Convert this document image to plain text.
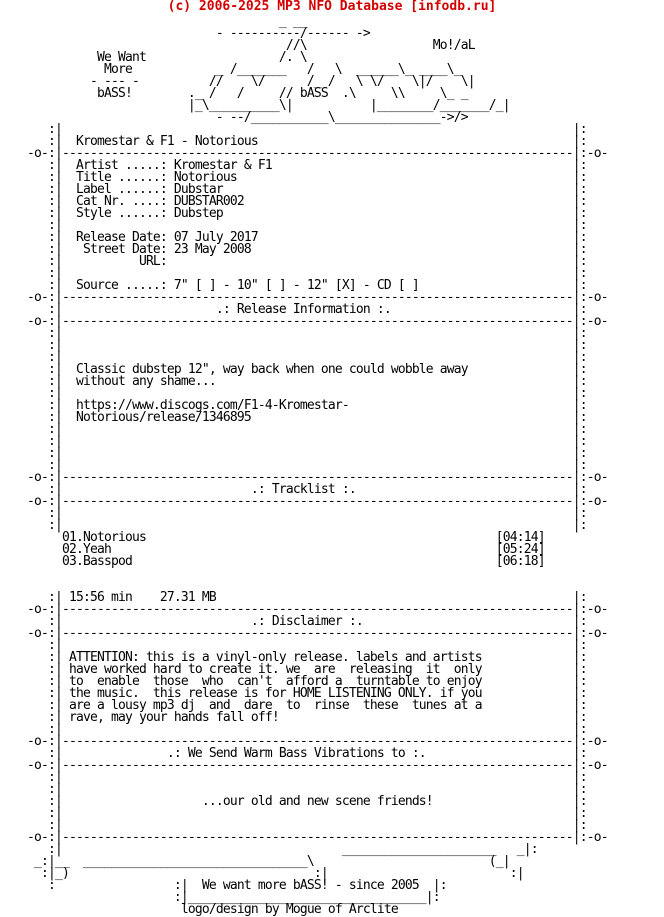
(c) 2006-2025 MP3 NFO Database [infodb.ru]
_ __
- ----------/------ ->
//\                  Mo!/aL
We Want                   /. \
More            _ /_______   /   \  ______\_ ____\_
- --- -          //    \/      /_ /   \ \/    \|/    \|
bASS!        ._ /   /     // bASS  .\     \\     \_ _
|_\__________\|           |________/_______/_|
- --/___________\_______________->/>
:|                                                                         |:
:|  Kromestar & F1 - Notorious                                             |:
-o-:|-------------------------------------------------------------------------|:-o-
:|  Artist .....: Kromestar & F1                                           |:
:|  Title ......: Notorious                                                |:
:|  Label ......: Dubstar                                                  |:
:|  Cat Nr. ....: DUBSTAR002                                               |:
:|  Style ......: Dubstep                                                  |:
:|                                                                         |:
:|  Release Date: 07 July 2017                                             |:
:|   Street Date: 23 May 2008                                              |:
:|           URL:                                                          |:
:|                                                                         |:
:|  Source .....: 7" [ ] - 10" [ ] - 12" [X] - CD [ ]                      |:
-o-:|-------------------------------------------------------------------------|:-o-
:|                      .: Release Information :.                          |:
-o-:|-------------------------------------------------------------------------|:-o-
:|                                                                         |:
:|                                                                         |:
:|                                                                         |:
:|  Classic dubstep 12", way back when one could wobble away               |:
:|  without any shame...                                                   |:
:|                                                                         |:
:|  https://www.discogs.com/F1-4-Kromestar-                                |:
:|  Notorious/release/1346895                                              |:
:|                                                                         |:
:|                                                                         |:
:|                                                                         |:
:|                                                                         |:
-o-:|-------------------------------------------------------------------------|:-o-
:|                           .: Tracklist :.                               |:
-o-:|-------------------------------------------------------------------------|:-o-
:|                                                                         |:
:|                                                                         |:
01.Notorious                                                  [04:14]
02.Yeah                                                       [05:24]
03.Basspod                                                    [06:18]

:| 15:56 min    27.31 MB                                                   |:
-o-:|-------------------------------------------------------------------------|:-o-
:|                           .: Disclaimer :.                              |:
-o-:|-------------------------------------------------------------------------|:-o-
:|                                                                         |:
:| ATTENTION: this is a vinyl-only release. labels and artists             |:
:| have worked hard to create it. we  are  releasing  it  only             |:
:| to  enable  those  who  can't  afford a  turntable to enjoy             |:
:| the music.  this release is for HOME LISTENING ONLY. if you             |:
:| are a lousy mp3 dj  and  dare  to  rinse  these  tunes at a             |:
:| rave, may your hands fall off!                                          |:
:|                                                                         |:
-o-:|-------------------------------------------------------------------------|:-o-
:|               .: We Send Warm Bass Vibrations to :.                     |:
-o-:|-------------------------------------------------------------------------|:-o-
:|                                                                         |:
:|                                                                         |:
:|                    ...our old and new scene friends!                    |:
:|                                                                         |:
:|                                                                         |:
-o-:|-------------------------------------------------------------------------|:-o-
:|                                        ______________________   _|:
_:|__  ________________________________\                         (_|
:|_)                                   :|                          :|
:                 :|  We want more bASS! - since 2005  |:
:|__________________________________|:
logo/design by Mogue of Arclite
